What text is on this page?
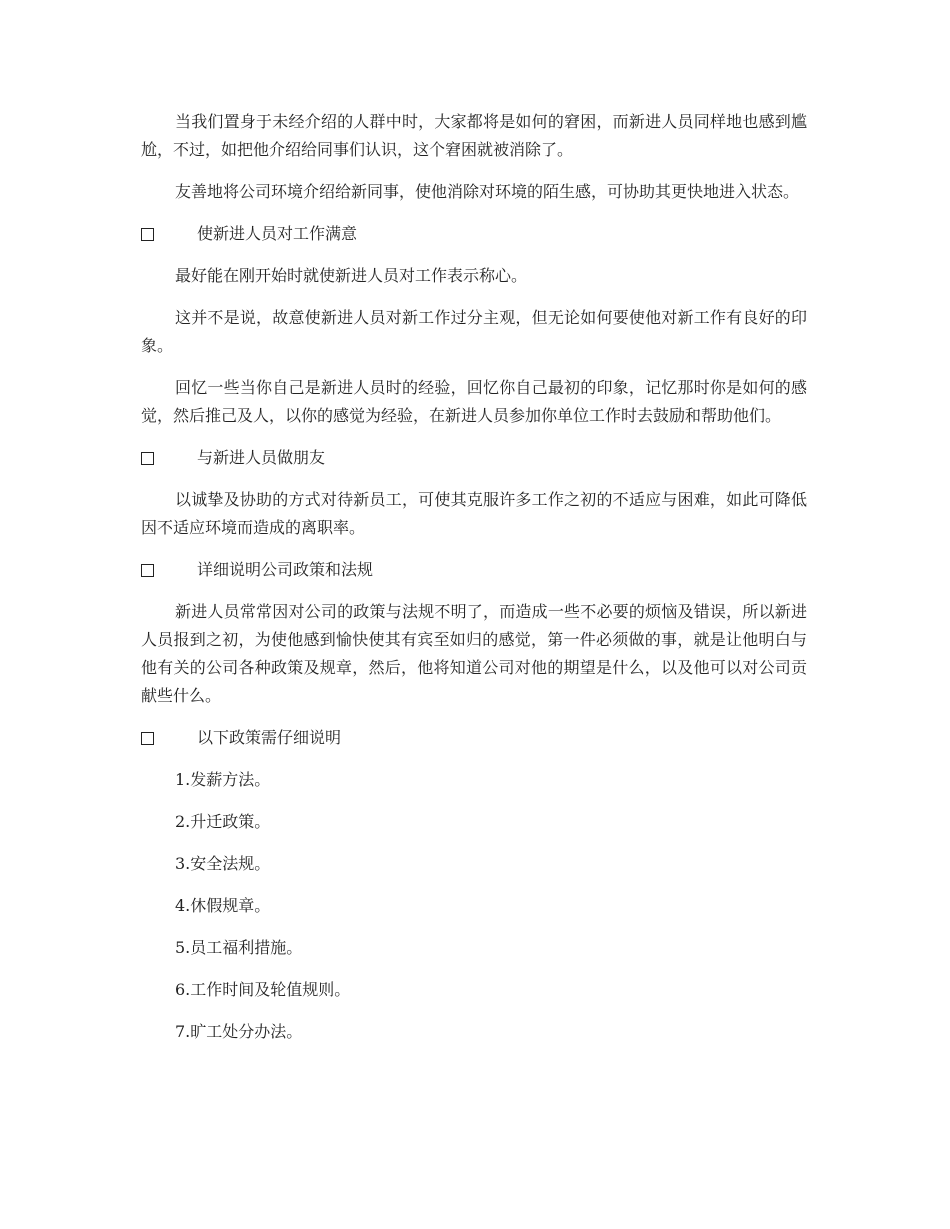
当我们置身于未经介绍的人群中时，大家都将是如何的窘困，而新进人员同样地也感到尴尬，不过，如把他介绍给同事们认识，这个窘困就被消除了。

友善地将公司环境介绍给新同事，使他消除对环境的陌生感，可协助其更快地进入状态。

使新进人员对工作满意

最好能在刚开始时就使新进人员对工作表示称心。

这并不是说，故意使新进人员对新工作过分主观，但无论如何要使他对新工作有良好的印象。

回忆一些当你自己是新进人员时的经验，回忆你自己最初的印象，记忆那时你是如何的感觉，然后推己及人，以你的感觉为经验，在新进人员参加你单位工作时去鼓励和帮助他们。

与新进人员做朋友

以诚挚及协助的方式对待新员工，可使其克服许多工作之初的不适应与困难，如此可降低因不适应环境而造成的离职率。

详细说明公司政策和法规

新进人员常常因对公司的政策与法规不明了，而造成一些不必要的烦恼及错误，所以新进人员报到之初，为使他感到愉快使其有宾至如归的感觉，第一件必须做的事，就是让他明白与他有关的公司各种政策及规章，然后，他将知道公司对他的期望是什么，以及他可以对公司贡献些什么。

以下政策需仔细说明

1.发薪方法。

2.升迁政策。

3.安全法规。

4.休假规章。

5.员工福利措施。

6.工作时间及轮值规则。

7.旷工处分办法。
